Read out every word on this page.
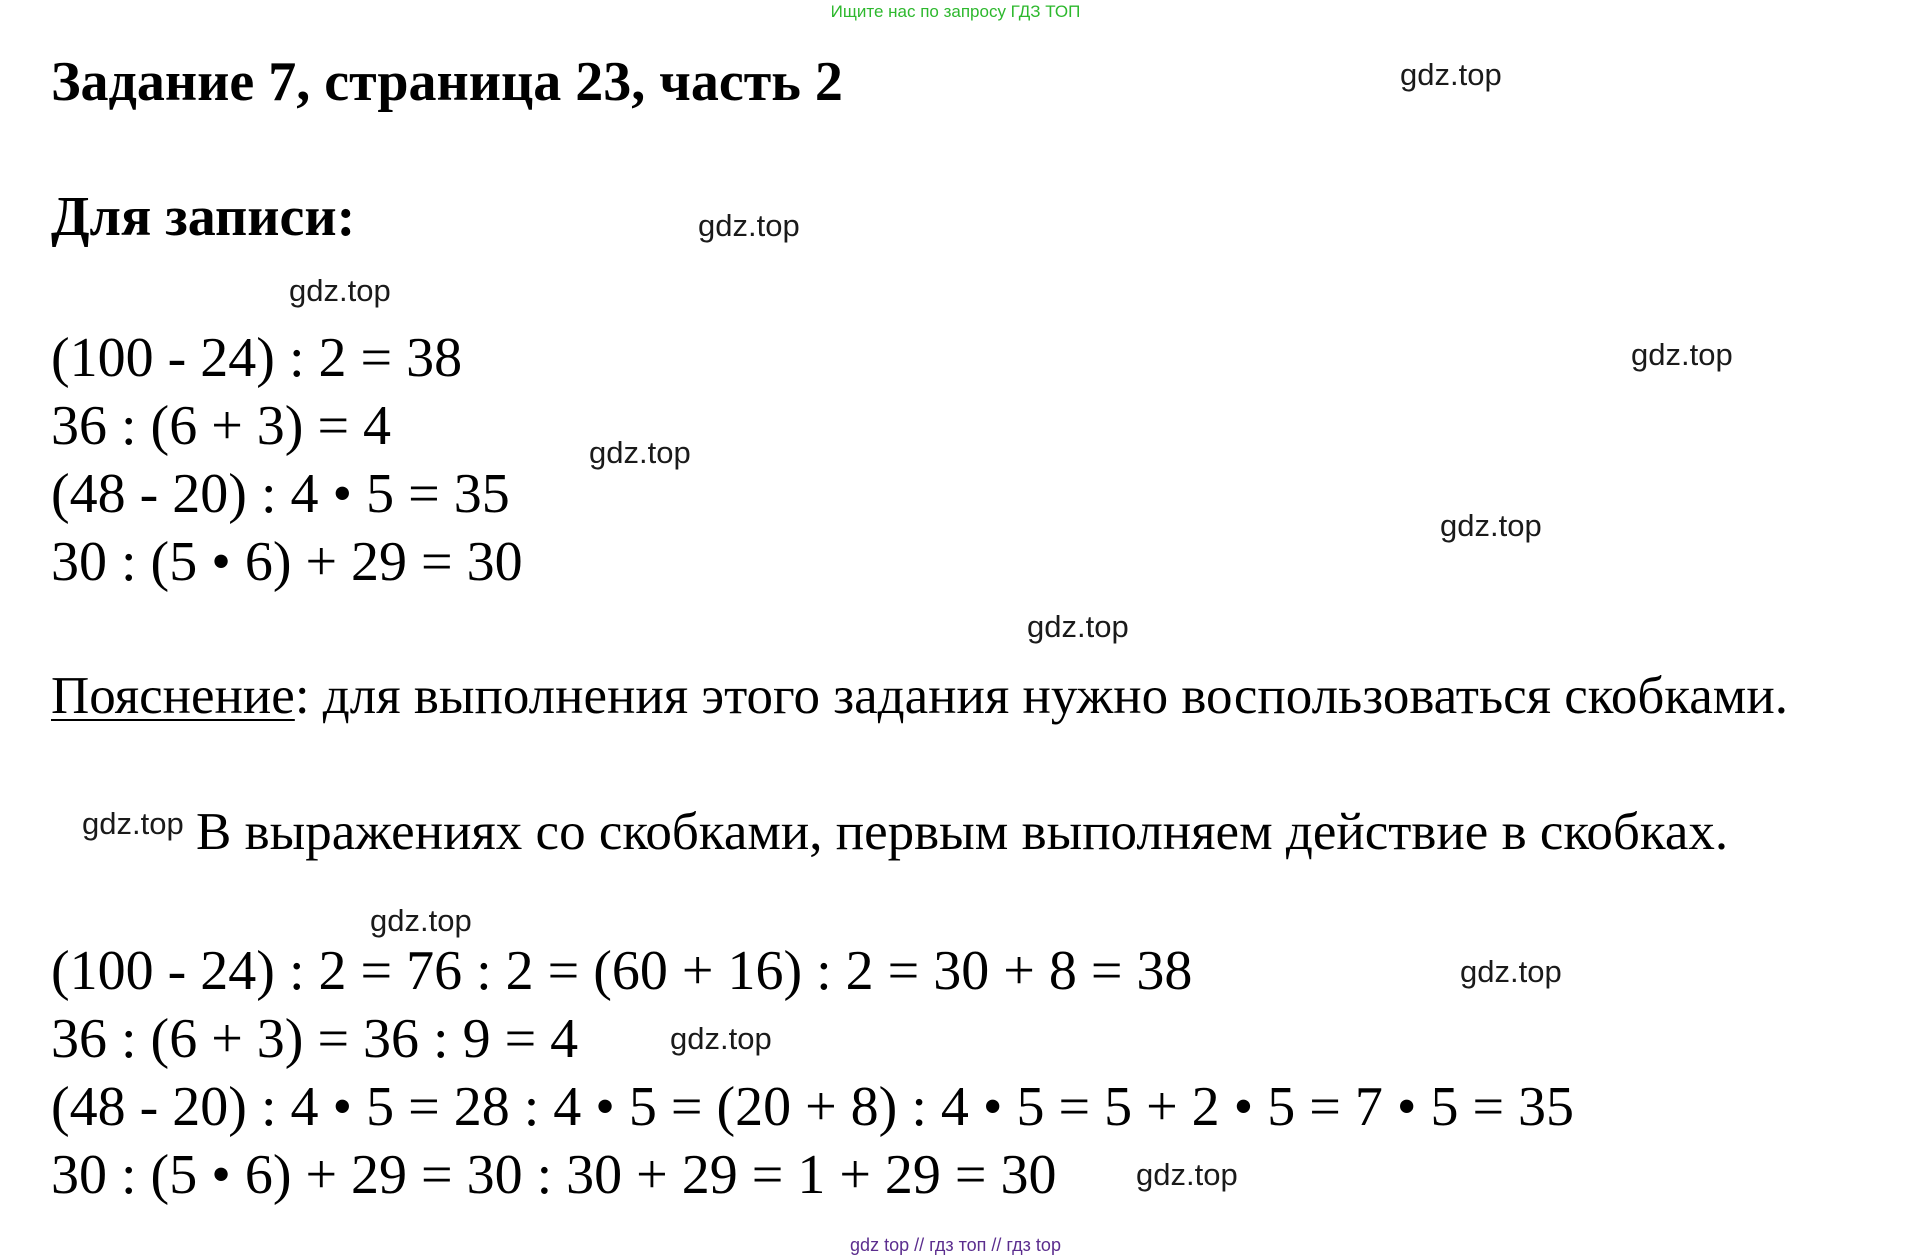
Ищите нас по запросу ГДЗ ТОП
Задание 7, страница 23, часть 2
Для записи:
(100 - 24) : 2 = 38
36 : (6 + 3) = 4
(48 - 20) : 4 • 5 = 35
30 : (5 • 6) + 29 = 30
Пояснение: для выполнения этого задания нужно воспользоваться скобками.
В выражениях со скобками, первым выполняем действие в скобках.
(100 - 24) : 2 = 76 : 2 = (60 + 16) : 2 = 30 + 8 = 38
36 : (6 + 3) = 36 : 9 = 4
(48 - 20) : 4 • 5 = 28 : 4 • 5 = (20 + 8) : 4 • 5 = 5 + 2 • 5 = 7 • 5 = 35
30 : (5 • 6) + 29 = 30 : 30 + 29 = 1 + 29 = 30
gdz.top
gdz.top
gdz.top
gdz.top
gdz.top
gdz.top
gdz.top
gdz.top
gdz.top
gdz.top
gdz.top
gdz.top
gdz top // гдз топ // гдз top
